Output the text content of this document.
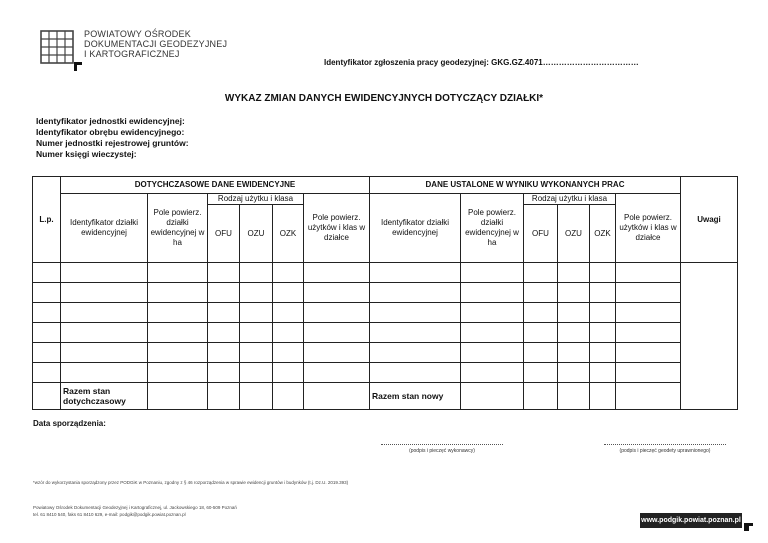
POWIATOWY OŚRODEK
DOKUMENTACJI GEODEZYJNEJ
I KARTOGRAFICZNEJ
Identyfikator zgłoszenia pracy geodezyjnej: GKG.GZ.4071………………………………
WYKAZ ZMIAN DANYCH EWIDENCYJNYCH DOTYCZĄCY DZIAŁKI*
Identyfikator jednostki ewidencyjnej:
Identyfikator obrębu ewidencyjnego:
Numer jednostki rejestrowej gruntów:
Numer księgi wieczystej:
L.p.	DOTYCHCZASOWE DANE EWIDENCYJNE						DANE USTALONE W WYNIKU WYKONANYCH PRAC						Uwagi
	Identyfikator działki ewidencyjnej	Pole powierz. działki ewidencyjnej w ha	Rodzaj użytku i klasa			Pole powierz. użytków i klas w działce	Identyfikator działki ewidencyjnej	Pole powierz. działki ewidencyjnej w ha	Rodzaj użytku i klasa			Pole powierz. użytków i klas w działce	
			OFU	OZU	OZK				OFU	OZU	OZK		

	Razem stan dotychczasowy						Razem stan nowy						
Data sporządzenia:
(podpis i pieczęć wykonawcy)	(podpis i pieczęć geodety uprawnionego)
*wzór do wykorzystania sporządzony przez PODGiK w Poznaniu, zgodny z § 46 rozporządzenia w sprawie ewidencji gruntów i budynków (t.j. Dz.U. 2019.393)
Powiatowy Ośrodek Dokumentacji Geodezyjnej i Kartograficznej, ul. Jackowskiego 18, 60-509 Poznań
tel. 61 8410 540, faks 61 8410 629, e-mail: podgik@podgik.powiat.poznan.pl
www.podgik.powiat.poznan.pl
